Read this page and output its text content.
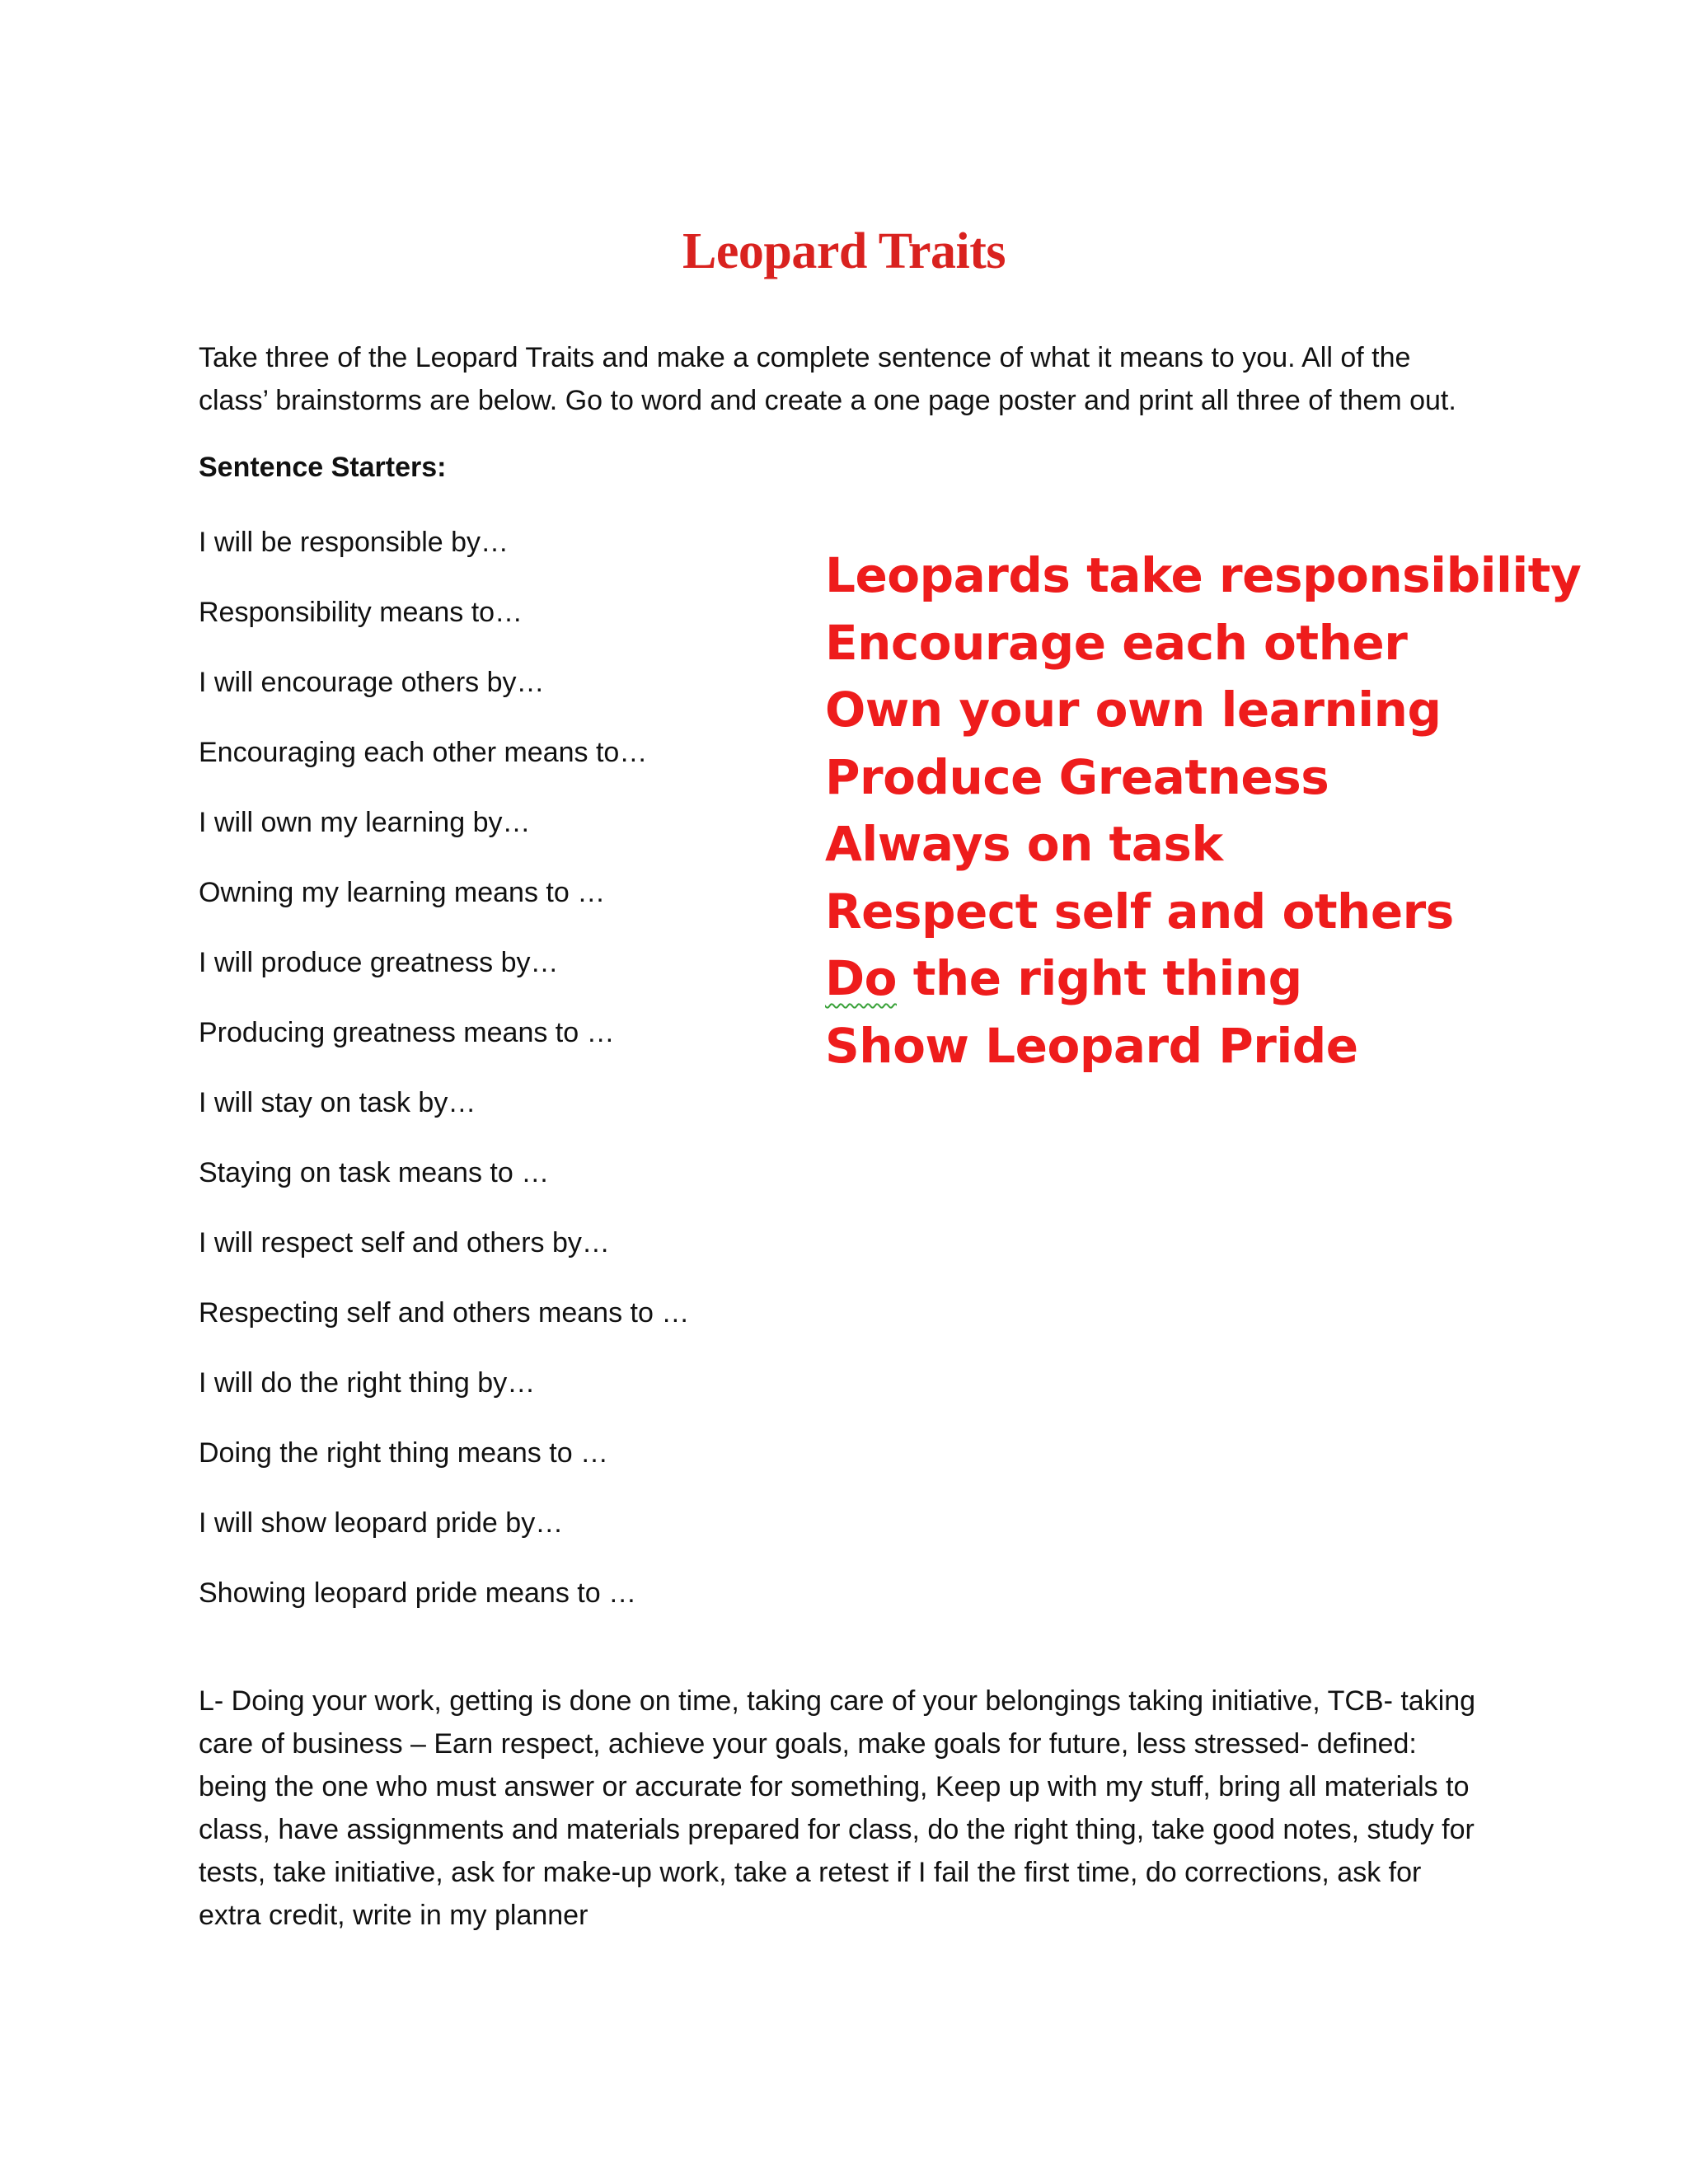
Leopard Traits

Take three of the Leopard Traits and make a complete sentence of what it means to you. All of the class’ brainstorms are below. Go to word and create a one page poster and print all three of them out.

Sentence Starters:

I will be responsible by…
Responsibility means to…
I will encourage others by…
Encouraging each other means to…
I will own my learning by…
Owning my learning means to …
I will produce greatness by…
Producing greatness means to …
I will stay on task by…
Staying on task means to …
I will respect self and others by…
Respecting self and others means to …
I will do the right thing by…
Doing the right thing means to …
I will show leopard pride by…
Showing leopard pride means to …
Leopards take responsibility
Encourage each other
Own your own learning
Produce Greatness
Always on task
Respect self and others
Do the right thing
Show Leopard Pride

L- Doing your work, getting is done on time, taking care of your belongings taking initiative, TCB- taking care of business – Earn respect, achieve your goals, make goals for future, less stressed- defined: being the one who must answer or accurate for something, Keep up with my stuff, bring all materials to class, have assignments and materials prepared for class, do the right thing, take good notes, study for tests, take initiative, ask for make-up work, take a retest if I fail the first time, do corrections, ask for extra credit, write in my planner
